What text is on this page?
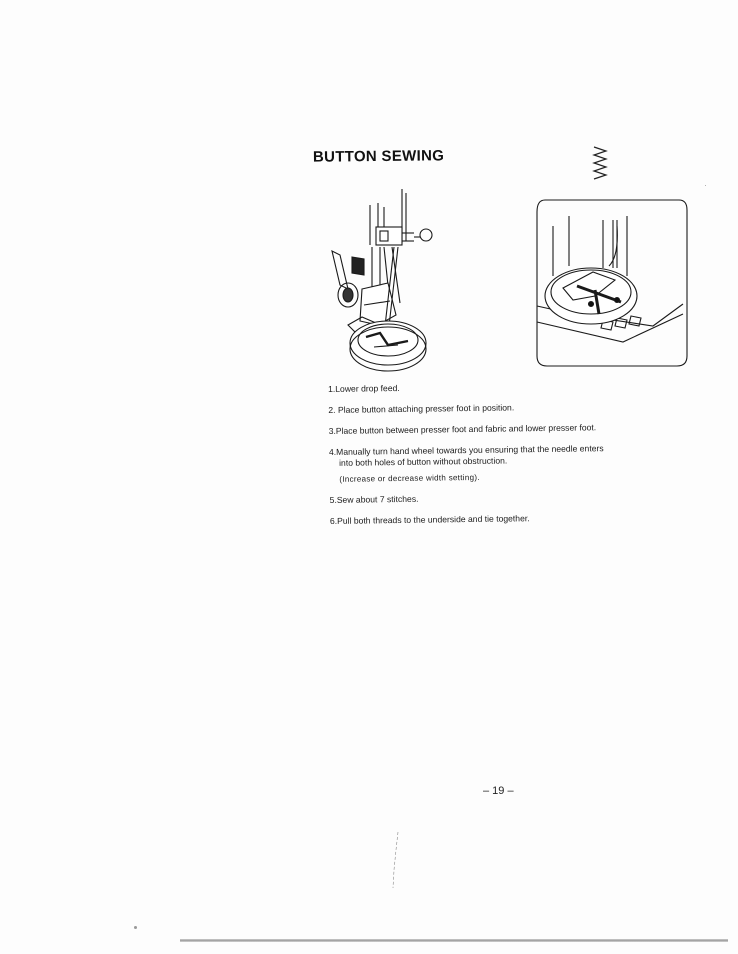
BUTTON SEWING
1.Lower drop feed.
2. Place button attaching presser foot in position.
3.Place button between presser foot and fabric and lower presser foot.
4.Manually turn hand wheel towards you ensuring that the needle enters
into both holes of button without obstruction.
(Increase or decrease width setting).
5.Sew about 7 stitches.
6.Pull both threads to the underside and tie together.
– 19 –
